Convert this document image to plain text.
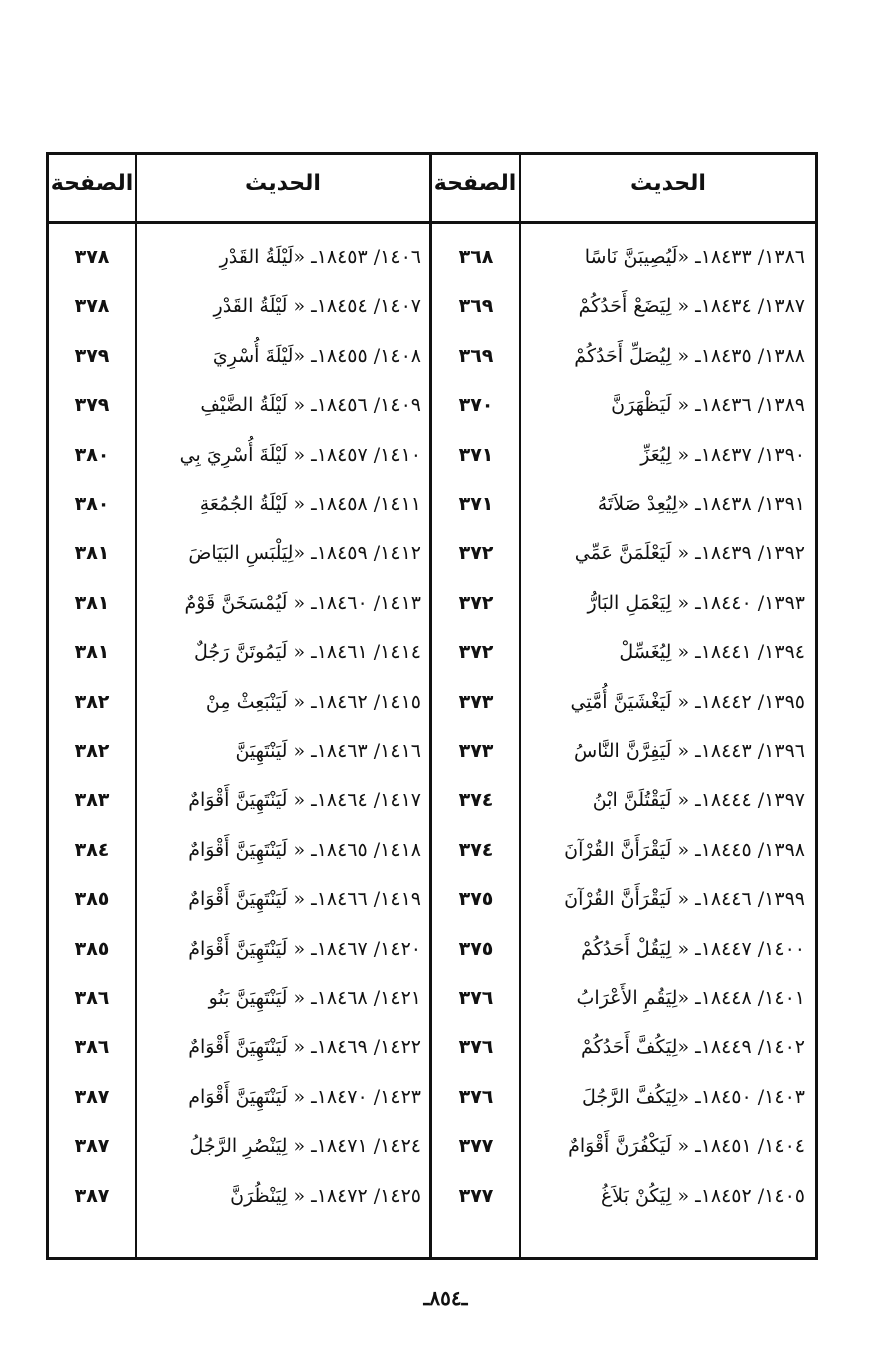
الحديث
الصفحة
الحديث
الصفحة
١٣٨٦/ ١٨٤٣٣ـ «لَيُصِيبَنَّ نَاسًا
٣٦٨
١٤٠٦/ ١٨٤٥٣ـ «لَيْلَةُ القَدْرِ
٣٧٨
١٣٨٧/ ١٨٤٣٤ـ « لِيَضَعْ أَحَدُكُمْ
٣٦٩
١٤٠٧/ ١٨٤٥٤ـ « لَيْلَةُ القَدْرِ
٣٧٨
١٣٨٨/ ١٨٤٣٥ـ « لِيُصَلِّ أَحَدُكُمْ
٣٦٩
١٤٠٨/ ١٨٤٥٥ـ «لَيْلَةَ أُسْرِيَ
٣٧٩
١٣٨٩/ ١٨٤٣٦ـ « لَيَظْهَرَنَّ
٣٧٠
١٤٠٩/ ١٨٤٥٦ـ « لَيْلَةُ الضَّيْفِ
٣٧٩
١٣٩٠/ ١٨٤٣٧ـ « لِيُعَزِّ
٣٧١
١٤١٠/ ١٨٤٥٧ـ « لَيْلَةَ أُسْرِيَ بِي
٣٨٠
١٣٩١/ ١٨٤٣٨ـ «لِيُعِدْ صَلاَتَهُ
٣٧١
١٤١١/ ١٨٤٥٨ـ « لَيْلَةُ الجُمُعَةِ
٣٨٠
١٣٩٢/ ١٨٤٣٩ـ « لَيَعْلَمَنَّ عَمِّي
٣٧٢
١٤١٢/ ١٨٤٥٩ـ «لِيَلْبَسِ البَيَاضَ
٣٨١
١٣٩٣/ ١٨٤٤٠ـ « لِيَعْمَلِ البَارُّ
٣٧٢
١٤١٣/ ١٨٤٦٠ـ « لَيُمْسَخَنَّ قَوْمٌ
٣٨١
١٣٩٤/ ١٨٤٤١ـ « لِيُغَسِّلْ
٣٧٢
١٤١٤/ ١٨٤٦١ـ « لَيَمُوتَنَّ رَجُلٌ
٣٨١
١٣٩٥/ ١٨٤٤٢ـ « لَيَغْشَيَنَّ أُمَّتِي
٣٧٣
١٤١٥/ ١٨٤٦٢ـ « لَيَنْبَعِثْ مِنْ
٣٨٢
١٣٩٦/ ١٨٤٤٣ـ « لَيَفِرَّنَّ النَّاسُ
٣٧٣
١٤١٦/ ١٨٤٦٣ـ « لَيَنْتَهِيَنَّ
٣٨٢
١٣٩٧/ ١٨٤٤٤ـ « لَيَقْتُلَنَّ ابْنُ
٣٧٤
١٤١٧/ ١٨٤٦٤ـ « لَيَنْتَهِيَنَّ أَقْوَامٌ
٣٨٣
١٣٩٨/ ١٨٤٤٥ـ « لَيَقْرَأَنَّ القُرْآنَ
٣٧٤
١٤١٨/ ١٨٤٦٥ـ « لَيَنْتَهِيَنَّ أَقْوَامٌ
٣٨٤
١٣٩٩/ ١٨٤٤٦ـ « لَيَقْرَأَنَّ القُرْآنَ
٣٧٥
١٤١٩/ ١٨٤٦٦ـ « لَيَنْتَهِيَنَّ أَقْوَامٌ
٣٨٥
١٤٠٠/ ١٨٤٤٧ـ « لِيَقُلْ أَحَدُكُمْ
٣٧٥
١٤٢٠/ ١٨٤٦٧ـ « لَيَنْتَهِيَنَّ أَقْوَامٌ
٣٨٥
١٤٠١/ ١٨٤٤٨ـ «لِيَقُمِ الأَعْرَابُ
٣٧٦
١٤٢١/ ١٨٤٦٨ـ « لَيَنْتَهِيَنَّ بَنُو
٣٨٦
١٤٠٢/ ١٨٤٤٩ـ «لِيَكُفَّ أَحَدُكُمْ
٣٧٦
١٤٢٢/ ١٨٤٦٩ـ « لَيَنْتَهِيَنَّ أَقْوَامٌ
٣٨٦
١٤٠٣/ ١٨٤٥٠ـ «لِيَكُفَّ الرَّجُلَ
٣٧٦
١٤٢٣/ ١٨٤٧٠ـ « لَيَنْتَهِيَنَّ أَقْوَام
٣٨٧
١٤٠٤/ ١٨٤٥١ـ « لَيَكْفُرَنَّ أَقْوَامٌ
٣٧٧
١٤٢٤/ ١٨٤٧١ـ « لِيَنْصُرِ الرَّجُلُ
٣٨٧
١٤٠٥/ ١٨٤٥٢ـ « لِيَكُنْ بَلاَغُ
٣٧٧
١٤٢٥/ ١٨٤٧٢ـ « لِيَنْظُرَنَّ
٣٨٧
ـ٨٥٤ـ
